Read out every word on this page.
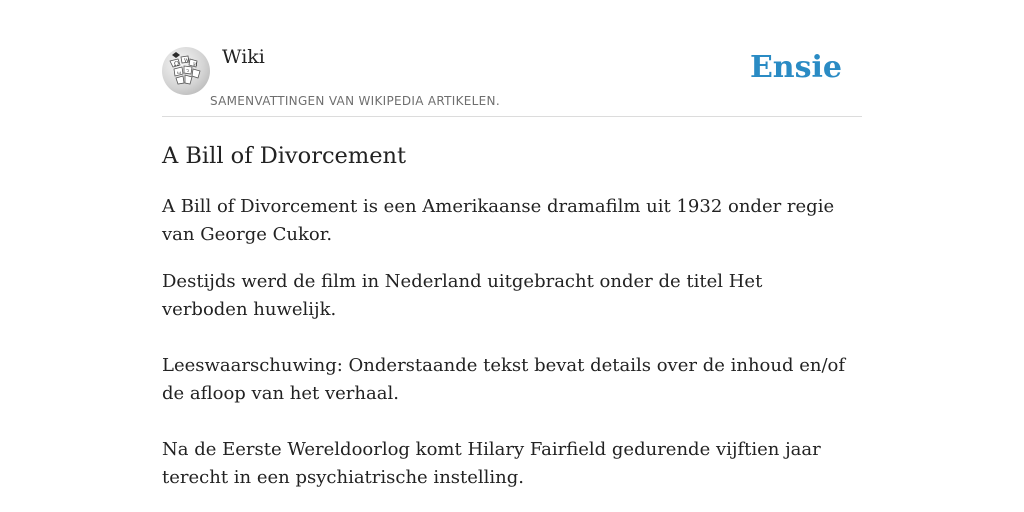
Ω W
И
ω ว
Wiki
SAMENVATTINGEN VAN WIKIPEDIA ARTIKELEN.
Ensie
A Bill of Divorcement

A Bill of Divorcement is een Amerikaanse dramafilm uit 1932 onder regie van George Cukor.

Destijds werd de film in Nederland uitgebracht onder de titel Het verboden huwelijk.

Leeswaarschuwing: Onderstaande tekst bevat details over de inhoud en/of de afloop van het verhaal.

Na de Eerste Wereldoorlog komt Hilary Fairfield gedurende vijftien jaar terecht in een psychiatrische instelling.
